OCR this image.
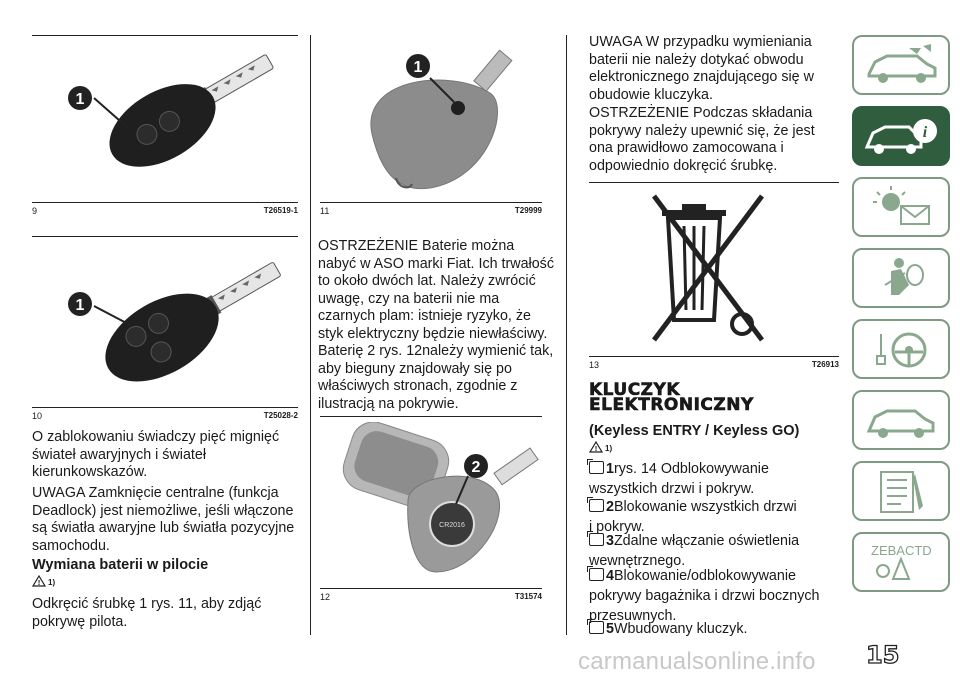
1
9	T26519-1
1
10	T25028-2

O zablokowaniu świadczy pięć mignięć świateł awaryjnych i świateł kierunkowskazów.

UWAGA Zamknięcie centralne (funkcja Deadlock) jest niemożliwe, jeśli włączone są światła awaryjne lub światła pozycyjne samochodu.

Wymiana baterii w pilocie

! 1)

Odkręcić śrubkę 1 rys. 11, aby zdjąć pokrywę pilota.

1
11	T29999

OSTRZEŻENIE Baterie można nabyć w ASO marki Fiat. Ich trwałość to około dwóch lat. Należy zwrócić uwagę, czy na baterii nie ma czarnych plam: istnieje ryzyko, że styk elektryczny będzie niewłaściwy.

Baterię 2 rys. 12należy wymienić tak, aby bieguny znajdowały się po właściwych stronach, zgodnie z ilustracją na pokrywie.

CR2016
2
12	T31574

UWAGA W przypadku wymieniania baterii nie należy dotykać obwodu elektronicznego znajdującego się w obudowie kluczyka.

OSTRZEŻENIE Podczas składania pokrywy należy upewnić się, że jest ona prawidłowo zamocowana i odpowiednio dokręcić śrubkę.

13	T26913

KLUCZYK
ELEKTRONICZNY

(Keyless ENTRY / Keyless GO)

! 1)
1rys. 14 Odblokowywanie
wszystkich drzwi i pokryw.
2Blokowanie wszystkich drzwi
i pokryw.
3Zdalne włączanie oświetlenia
wewnętrznego.
4Blokowanie/odblokowywanie
pokrywy bagażnika i drzwi bocznych przesuwnych.
5Wbudowany kluczyk.
i
ZEBACTD
15
carmanualsonline.info
